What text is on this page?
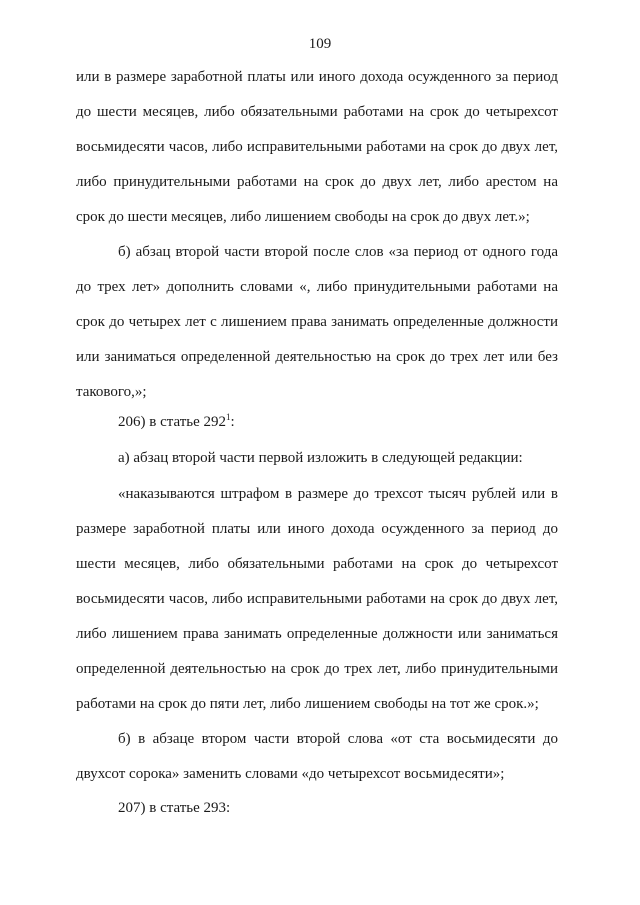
109

или в размере заработной платы или иного дохода осужденного за период до шести месяцев, либо обязательными работами на срок до четырехсот восьмидесяти часов, либо исправительными работами на срок до двух лет, либо принудительными работами на срок до двух лет, либо арестом на срок до шести месяцев, либо лишением свободы на срок до двух лет.»;

б) абзац второй части второй после слов «за период от одного года до трех лет» дополнить словами «, либо принудительными работами на срок до четырех лет с лишением права занимать определенные должности или заниматься определенной деятельностью на срок до трех лет или без такового,»;

206) в статье $292^1$:

а) абзац второй части первой изложить в следующей редакции:

«наказываются штрафом в размере до трехсот тысяч рублей или в размере заработной платы или иного дохода осужденного за период до шести месяцев, либо обязательными работами на срок до четырехсот восьмидесяти часов, либо исправительными работами на срок до двух лет, либо лишением права занимать определенные должности или заниматься определенной деятельностью на срок до трех лет, либо принудительными работами на срок до пяти лет, либо лишением свободы на тот же срок.»;

б) в абзаце втором части второй слова «от ста восьмидесяти до двухсот сорока» заменить словами «до четырехсот восьмидесяти»;

207) в статье 293:
